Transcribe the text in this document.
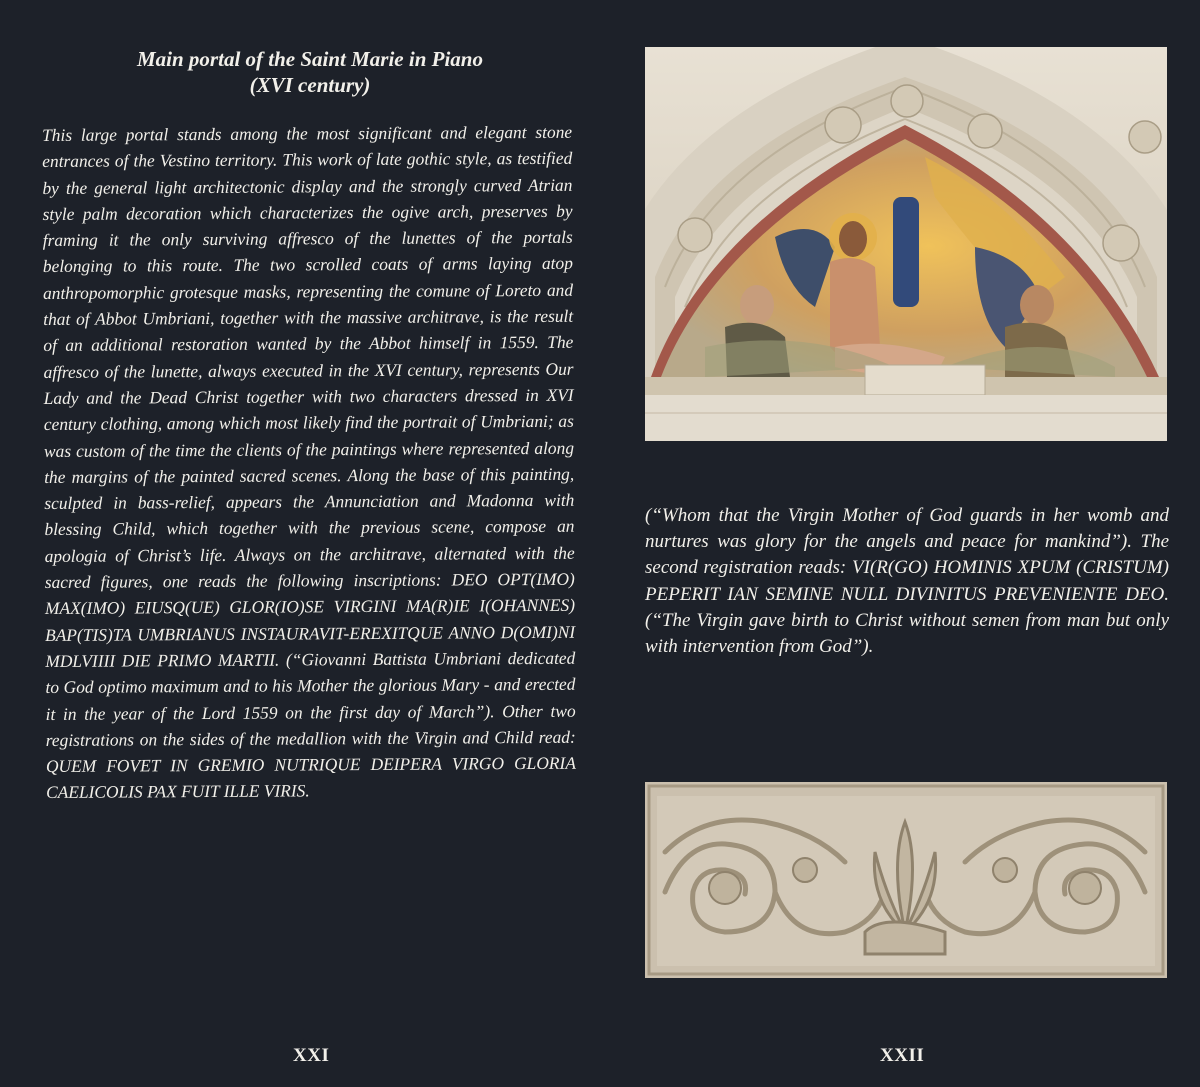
Main portal of the Saint Marie in Piano
(XVI century)

This large portal stands among the most significant and elegant stone entrances of the Vestino territory. This work of late gothic style, as testified by the general light architectonic display and the strongly curved Atrian style palm decoration which characterizes the ogive arch, preserves by framing it the only surviving affresco of the lunettes of the portals belonging to this route. The two scrolled coats of arms laying atop anthropomorphic grotesque masks, representing the comune of Loreto and that of Abbot Umbriani, together with the massive architrave, is the result of an additional restoration wanted by the Abbot himself in 1559. The affresco of the lunette, always executed in the XVI century, represents Our Lady and the Dead Christ together with two characters dressed in XVI century clothing, among which most likely find the portrait of Umbriani; as was custom of the time the clients of the paintings where represented along the margins of the painted sacred scenes. Along the base of this painting, sculpted in bass-relief, appears the Annunciation and Madonna with blessing Child, which together with the previous scene, compose an apologia of Christ’s life. Always on the architrave, alternated with the sacred figures, one reads the following inscriptions: DEO OPT(IMO) MAX(IMO) EIUSQ(UE) GLOR(IO)SE VIRGINI MA(R)IE I(OHANNES) BAP(TIS)TA UMBRIANUS INSTAURAVIT-EREXITQUE ANNO D(OMI)NI MDLVIIII DIE PRIMO MARTII. (“Giovanni Battista Umbriani dedicated to God optimo maximum and to his Mother the glorious Mary - and erected it in the year of the Lord 1559 on the first day of March”). Other two registrations on the sides of the medallion with the Virgin and Child read: QUEM FOVET IN GREMIO NUTRIQUE DEIPERA VIRGO GLORIA CAELICOLIS PAX FUIT ILLE VIRIS.

XXI

(“Whom that the Virgin Mother of God guards in her womb and nurtures was glory for the angels and peace for mankind”). The second registration reads: VI(R(GO) HOMINIS XPUM (CRISTUM) PEPERIT IAN SEMINE NULL DIVINITUS PREVENIENTE DEO. (“The Virgin gave birth to Christ without semen from man but only with intervention from God”).

XXII
